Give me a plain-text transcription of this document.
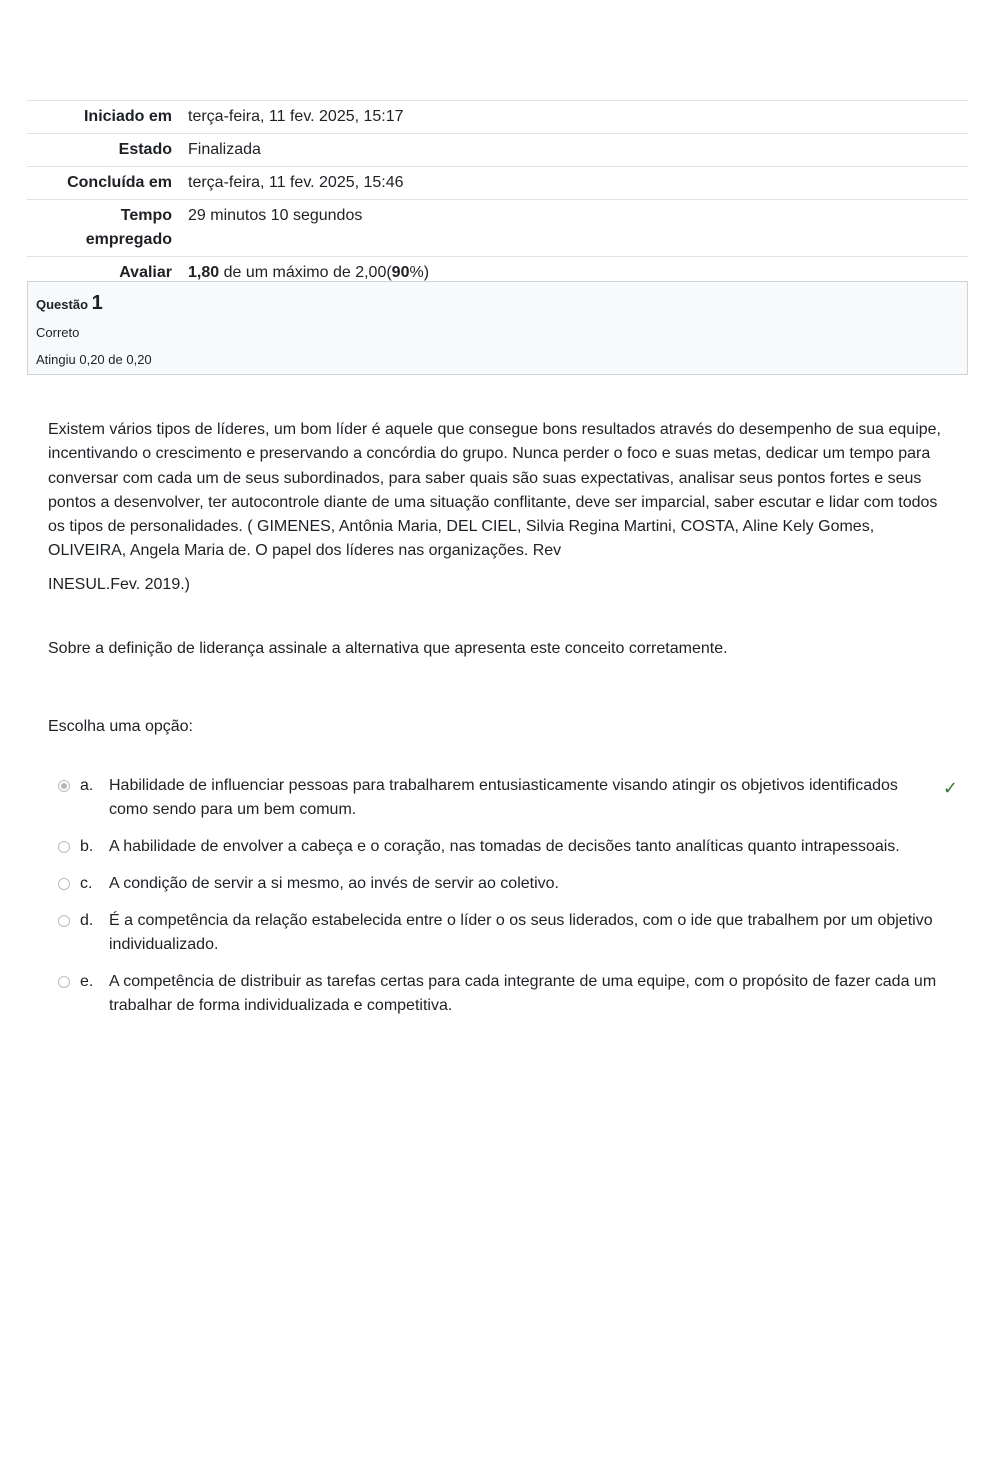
Iniciado em	terça-feira, 11 fev. 2025, 15:17
Estado	Finalizada
Concluída em	terça-feira, 11 fev. 2025, 15:46
Tempo empregado	29 minutos 10 segundos
Avaliar	1,80 de um máximo de 2,00(90%)
Questão 1
Correto
Atingiu 0,20 de 0,20

Existem vários tipos de líderes, um bom líder é aquele que consegue bons resultados através do desempenho de sua equipe, incentivando o crescimento e preservando a concórdia do grupo. Nunca perder o foco e suas metas, dedicar um tempo para conversar com cada um de seus subordinados, para saber quais são suas expectativas, analisar seus pontos fortes e seus pontos a desenvolver, ter autocontrole diante de uma situação conflitante, deve ser imparcial, saber escutar e lidar com todos os tipos de personalidades. ( GIMENES, Antônia Maria, DEL CIEL, Silvia Regina Martini, COSTA, Aline Kely Gomes, OLIVEIRA, Angela Maria de. O papel dos líderes nas organizações. Rev

INESUL.Fev. 2019.)

Sobre a definição de liderança assinale a alternativa que apresenta este conceito corretamente.

Escolha uma opção:

a. Habilidade de influenciar pessoas para trabalharem entusiasticamente visando atingir os objetivos identificados como sendo para um bem comum.
✓
b. A habilidade de envolver a cabeça e o coração, nas tomadas de decisões tanto analíticas quanto intrapessoais.
c. A condição de servir a si mesmo, ao invés de servir ao coletivo.
d. É a competência da relação estabelecida entre o líder o os seus liderados, com o ide que trabalhem por um objetivo individualizado.
e. A competência de distribuir as tarefas certas para cada integrante de uma equipe, com o propósito de fazer cada um trabalhar de forma individualizada e competitiva.
